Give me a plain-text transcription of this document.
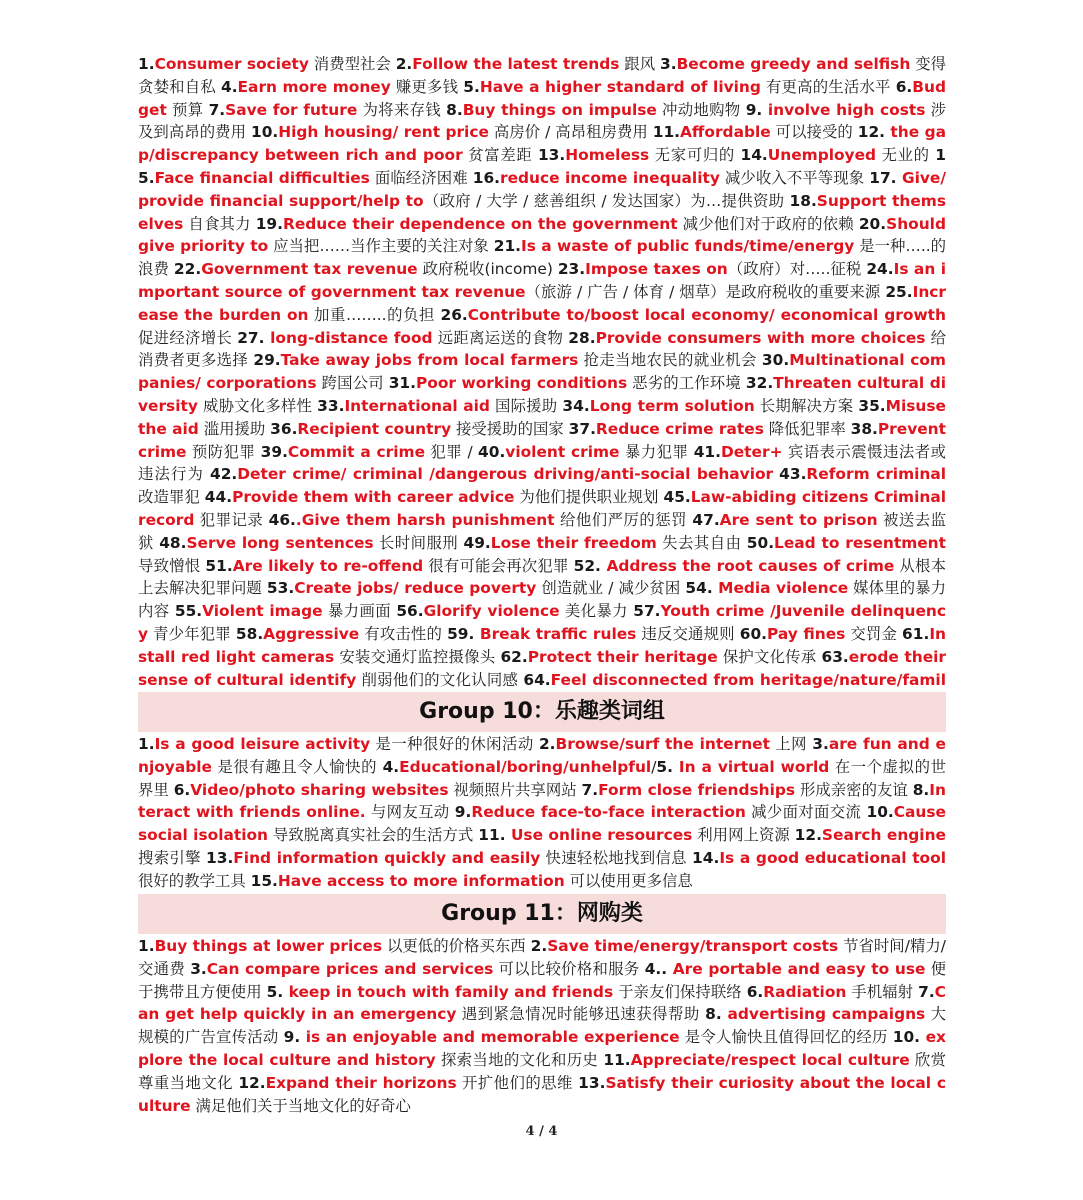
1.Consumer society 消费型社会 2.Follow the latest trends 跟风 3.Become greedy and selfish 变得贪婪和自私 4.Earn more money 赚更多钱 5.Have a higher standard of living 有更高的生活水平 6.Budget 预算 7.Save for future 为将来存钱 8.Buy things on impulse 冲动地购物 9. involve high costs 涉及到高昂的费用 10.High housing/ rent price 高房价 / 高昂租房费用 11.Affordable 可以接受的 12. the gap/discrepancy between rich and poor 贫富差距 13.Homeless 无家可归的 14.Unemployed 无业的 15.Face financial difficulties 面临经济困难 16.reduce income inequality 减少收入不平等现象 17. Give/provide financial support/help to（政府 / 大学 / 慈善组织 / 发达国家）为…提供资助 18.Support themselves 自食其力 19.Reduce their dependence on the government 减少他们对于政府的依赖 20.Should give priority to 应当把……当作主要的关注对象 21.Is a waste of public funds/time/energy 是一种…..的浪费 22.Government tax revenue 政府税收(income) 23.Impose taxes on（政府）对…..征税 24.Is an important source of government tax revenue（旅游 / 广告 / 体育 / 烟草）是政府税收的重要来源 25.Increase the burden on 加重……..的负担 26.Contribute to/boost local economy/ economical growth 促进经济增长 27. long-distance food 远距离运送的食物 28.Provide consumers with more choices 给消费者更多选择 29.Take away jobs from local farmers 抢走当地农民的就业机会 30.Multinational companies/ corporations 跨国公司 31.Poor working conditions 恶劣的工作环境 32.Threaten cultural diversity 威胁文化多样性 33.International aid 国际援助 34.Long term solution 长期解决方案 35.Misuse the aid 滥用援助 36.Recipient country 接受援助的国家 37.Reduce crime rates 降低犯罪率 38.Prevent crime 预防犯罪 39.Commit a crime 犯罪 / 40.violent crime 暴力犯罪 41.Deter+ 宾语表示震慑违法者或违法行为 42.Deter crime/ criminal /dangerous driving/anti-social behavior 43.Reform criminal 改造罪犯 44.Provide them with career advice 为他们提供职业规划 45.Law-abiding citizens Criminal record 犯罪记录 46..Give them harsh punishment 给他们严厉的惩罚 47.Are sent to prison 被送去监狱 48.Serve long sentences 长时间服刑 49.Lose their freedom 失去其自由 50.Lead to resentment 导致憎恨 51.Are likely to re-offend 很有可能会再次犯罪 52. Address the root causes of crime 从根本上去解决犯罪问题 53.Create jobs/ reduce poverty 创造就业 / 减少贫困 54. Media violence 媒体里的暴力内容 55.Violent image 暴力画面 56.Glorify violence 美化暴力 57.Youth crime /Juvenile delinquency 青少年犯罪 58.Aggressive 有攻击性的 59. Break traffic rules 违反交通规则 60.Pay fines 交罚金 61.Install red light cameras 安装交通灯监控摄像头 62.Protect their heritage 保护文化传承 63.erode their sense of cultural identify 削弱他们的文化认同感 64.Feel disconnected from heritage/nature/famil
Group 10：乐趣类词组
1.Is a good leisure activity 是一种很好的休闲活动 2.Browse/surf the internet 上网 3.are fun and enjoyable 是很有趣且令人愉快的 4.Educational/boring/unhelpful/5. In a virtual world 在一个虚拟的世界里 6.Video/photo sharing websites 视频照片共享网站 7.Form close friendships 形成亲密的友谊 8.Interact with friends online. 与网友互动 9.Reduce face-to-face interaction 减少面对面交流 10.Cause social isolation 导致脱离真实社会的生活方式 11. Use online resources 利用网上资源 12.Search engine 搜索引擎 13.Find information quickly and easily 快速轻松地找到信息 14.Is a good educational tool 很好的教学工具 15.Have access to more information 可以使用更多信息
Group 11：网购类
1.Buy things at lower prices 以更低的价格买东西 2.Save time/energy/transport costs 节省时间/精力/交通费 3.Can compare prices and services 可以比较价格和服务 4.. Are portable and easy to use 便于携带且方便使用 5. keep in touch with family and friends 于亲友们保持联络 6.Radiation 手机辐射 7.Can get help quickly in an emergency 遇到紧急情况时能够迅速获得帮助 8. advertising campaigns 大规模的广告宣传活动 9. is an enjoyable and memorable experience 是令人愉快且值得回忆的经历 10. explore the local culture and history 探索当地的文化和历史 11.Appreciate/respect local culture 欣赏尊重当地文化 12.Expand their horizons 开扩他们的思维 13.Satisfy their curiosity about the local culture 满足他们关于当地文化的好奇心
4 / 4
